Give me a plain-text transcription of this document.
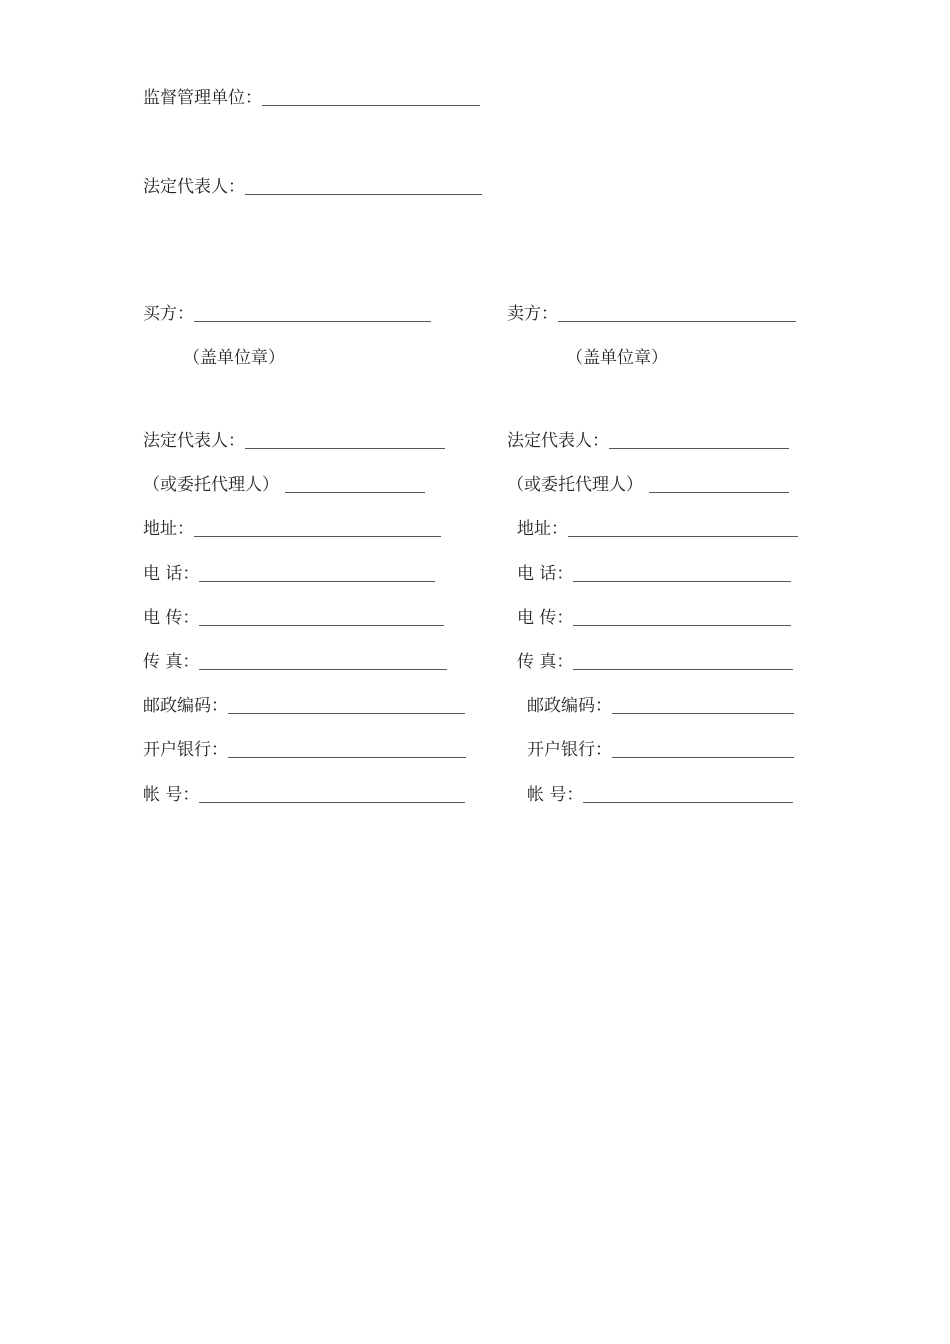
监督管理单位：
法定代表人：
买方：
（盖单位章）
法定代表人：
（或委托代理人）
地址：
电 话：
电 传：
传 真：
邮政编码：
开户银行：
帐 号：
卖方：
（盖单位章）
法定代表人：
（或委托代理人）
地址：
电 话：
电 传：
传 真：
邮政编码：
开户银行：
帐 号：
